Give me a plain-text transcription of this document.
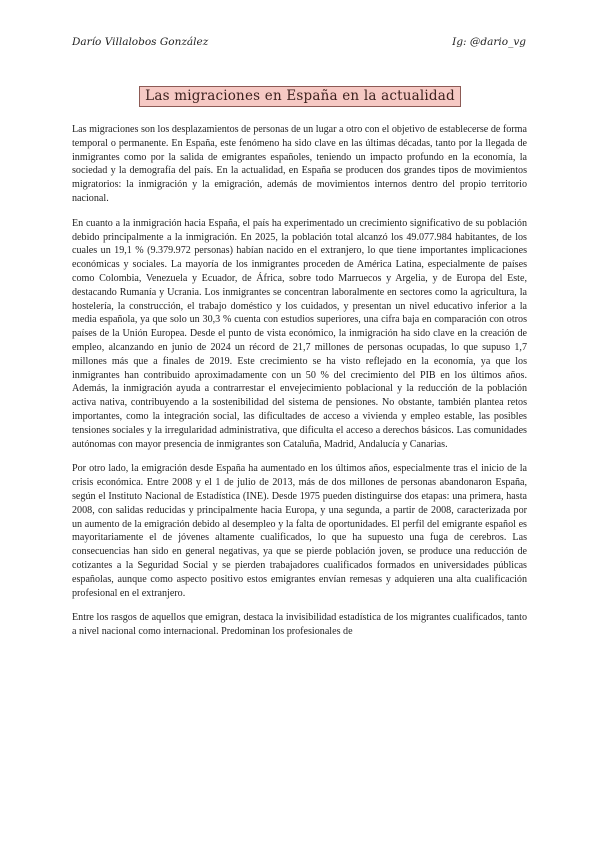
Darío Villalobos González	Ig: @dario_vg
Las migraciones en España en la actualidad

Las migraciones son los desplazamientos de personas de un lugar a otro con el objetivo de establecerse de forma temporal o permanente. En España, este fenómeno ha sido clave en las últimas décadas, tanto por la llegada de inmigrantes como por la salida de emigrantes españoles, teniendo un impacto profundo en la economía, la sociedad y la demografía del país. En la actualidad, en España se producen dos grandes tipos de movimientos migratorios: la inmigración y la emigración, además de movimientos internos dentro del propio territorio nacional.

En cuanto a la inmigración hacia España, el país ha experimentado un crecimiento significativo de su población debido principalmente a la inmigración. En 2025, la población total alcanzó los 49.077.984 habitantes, de los cuales un 19,1 % (9.379.972 personas) habían nacido en el extranjero, lo que tiene importantes implicaciones económicas y sociales. La mayoría de los inmigrantes proceden de América Latina, especialmente de países como Colombia, Venezuela y Ecuador, de África, sobre todo Marruecos y Argelia, y de Europa del Este, destacando Rumanía y Ucrania. Los inmigrantes se concentran laboralmente en sectores como la agricultura, la hostelería, la construcción, el trabajo doméstico y los cuidados, y presentan un nivel educativo inferior a la media española, ya que solo un 30,3 % cuenta con estudios superiores, una cifra baja en comparación con otros países de la Unión Europea. Desde el punto de vista económico, la inmigración ha sido clave en la creación de empleo, alcanzando en junio de 2024 un récord de 21,7 millones de personas ocupadas, lo que supuso 1,7 millones más que a finales de 2019. Este crecimiento se ha visto reflejado en la economía, ya que los inmigrantes han contribuido aproximadamente con un 50 % del crecimiento del PIB en los últimos años. Además, la inmigración ayuda a contrarrestar el envejecimiento poblacional y la reducción de la población activa nativa, contribuyendo a la sostenibilidad del sistema de pensiones. No obstante, también plantea retos importantes, como la integración social, las dificultades de acceso a vivienda y empleo estable, las posibles tensiones sociales y la irregularidad administrativa, que dificulta el acceso a derechos básicos. Las comunidades autónomas con mayor presencia de inmigrantes son Cataluña, Madrid, Andalucía y Canarias.

Por otro lado, la emigración desde España ha aumentado en los últimos años, especialmente tras el inicio de la crisis económica. Entre 2008 y el 1 de julio de 2013, más de dos millones de personas abandonaron España, según el Instituto Nacional de Estadística (INE). Desde 1975 pueden distinguirse dos etapas: una primera, hasta 2008, con salidas reducidas y principalmente hacia Europa, y una segunda, a partir de 2008, caracterizada por un aumento de la emigración debido al desempleo y la falta de oportunidades. El perfil del emigrante español es mayoritariamente el de jóvenes altamente cualificados, lo que ha supuesto una fuga de cerebros. Las consecuencias han sido en general negativas, ya que se pierde población joven, se produce una reducción de cotizantes a la Seguridad Social y se pierden trabajadores cualificados formados en universidades públicas españolas, aunque como aspecto positivo estos emigrantes envían remesas y adquieren una alta cualificación profesional en el extranjero.

Entre los rasgos de aquellos que emigran, destaca la invisibilidad estadística de los migrantes cualificados, tanto a nivel nacional como internacional. Predominan los profesionales de
